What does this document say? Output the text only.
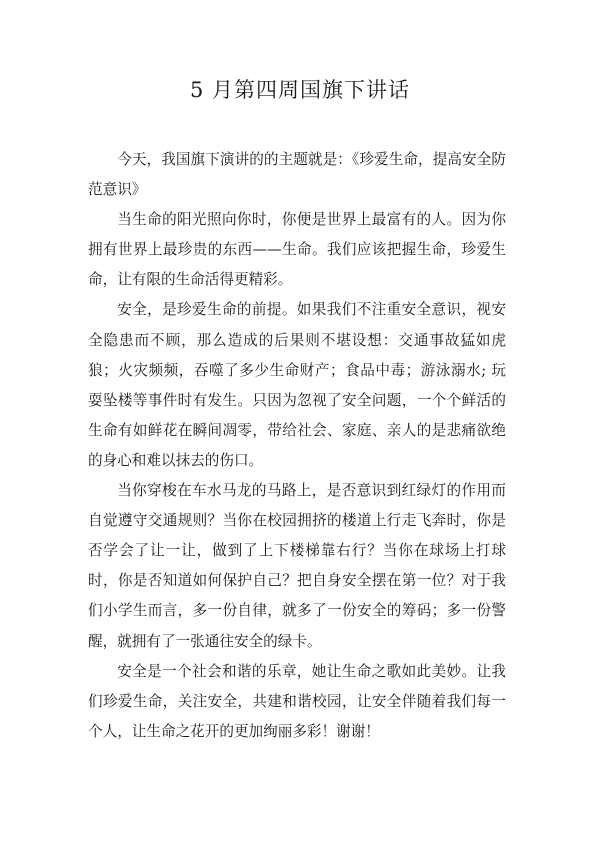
5 月第四周国旗下讲话

今天，我国旗下演讲的的主题就是：《珍爱生命，提高安全防范意识》

当生命的阳光照向你时，你便是世界上最富有的人。因为你拥有世界上最珍贵的东西——生命。我们应该把握生命，珍爱生命，让有限的生命活得更精彩。

安全，是珍爱生命的前提。如果我们不注重安全意识，视安全隐患而不顾，那么造成的后果则不堪设想：交通事故猛如虎狼；火灾频频，吞噬了多少生命财产；食品中毒；游泳溺水; 玩耍坠楼等事件时有发生。只因为忽视了安全问题，一个个鲜活的生命有如鲜花在瞬间凋零，带给社会、家庭、亲人的是悲痛欲绝的身心和难以抹去的伤口。

当你穿梭在车水马龙的马路上，是否意识到红绿灯的作用而自觉遵守交通规则？当你在校园拥挤的楼道上行走飞奔时，你是否学会了让一让，做到了上下楼梯靠右行？当你在球场上打球时，你是否知道如何保护自己？把自身安全摆在第一位？对于我们小学生而言，多一份自律，就多了一份安全的筹码；多一份警醒，就拥有了一张通往安全的绿卡。

安全是一个社会和谐的乐章，她让生命之歌如此美妙。让我们珍爱生命，关注安全，共建和谐校园，让安全伴随着我们每一个人，让生命之花开的更加绚丽多彩！谢谢！
